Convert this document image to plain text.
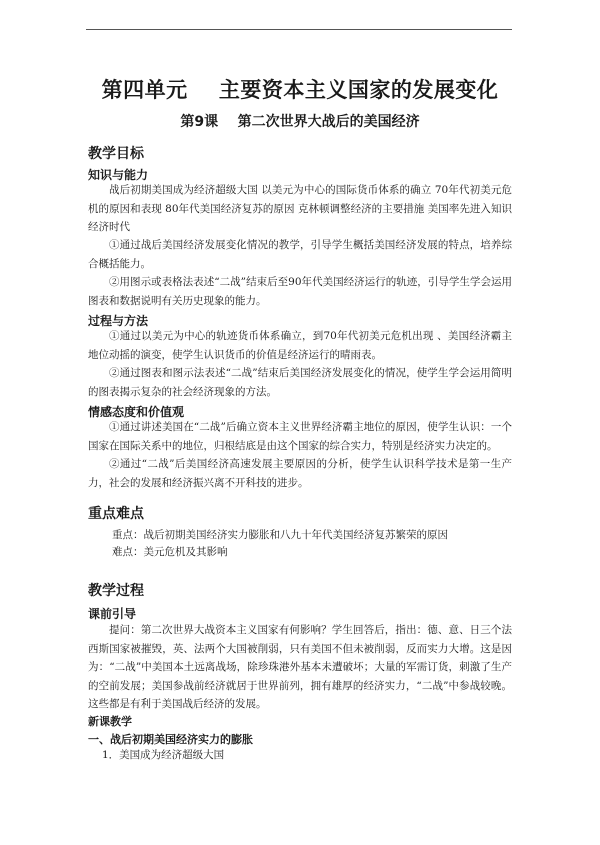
第四单元    主要资本主义国家的发展变化
第9课    第二次世界大战后的美国经济
教学目标
知识与能力

战后初期美国成为经济超级大国 以美元为中心的国际货币体系的确立 70年代初美元危机的原因和表现 80年代美国经济复苏的原因 克林顿调整经济的主要措施 美国率先进入知识经济时代

①通过战后美国经济发展变化情况的教学，引导学生概括美国经济发展的特点，培养综合概括能力。

②用图示或表格法表述“二战”结束后至90年代美国经济运行的轨迹，引导学生学会运用图表和数据说明有关历史现象的能力。

过程与方法

①通过以美元为中心的轨迹货币体系确立，到70年代初美元危机出现 、美国经济霸主地位动摇的演变，使学生认识货币的价值是经济运行的晴雨表。

②通过图表和图示法表述“二战”结束后美国经济发展变化的情况，使学生学会运用简明的图表揭示复杂的社会经济现象的方法。

情感态度和价值观

①通过讲述美国在“二战”后确立资本主义世界经济霸主地位的原因，使学生认识：一个国家在国际关系中的地位，归根结底是由这个国家的综合实力，特别是经济实力决定的。

②通过“二战”后美国经济高速发展主要原因的分析，使学生认识科学技术是第一生产力，社会的发展和经济振兴离不开科技的进步。

重点难点
重点：战后初期美国经济实力膨胀和八九十年代美国经济复苏繁荣的原因
难点：美元危机及其影响
教学过程
课前引导

提问：第二次世界大战资本主义国家有何影响？学生回答后，指出：德、意、日三个法西斯国家被摧毁，英、法两个大国被削弱，只有美国不但未被削弱，反而实力大增。这是因为：“二战”中美国本土远离战场，除珍珠港外基本未遭破坏；大量的军需订货，刺激了生产的空前发展；美国参战前经济就居于世界前列，拥有雄厚的经济实力，“二战”中参战较晚。这些都是有利于美国战后经济的发展。

新课教学
一、战后初期美国经济实力的膨胀
1．美国成为经济超级大国
